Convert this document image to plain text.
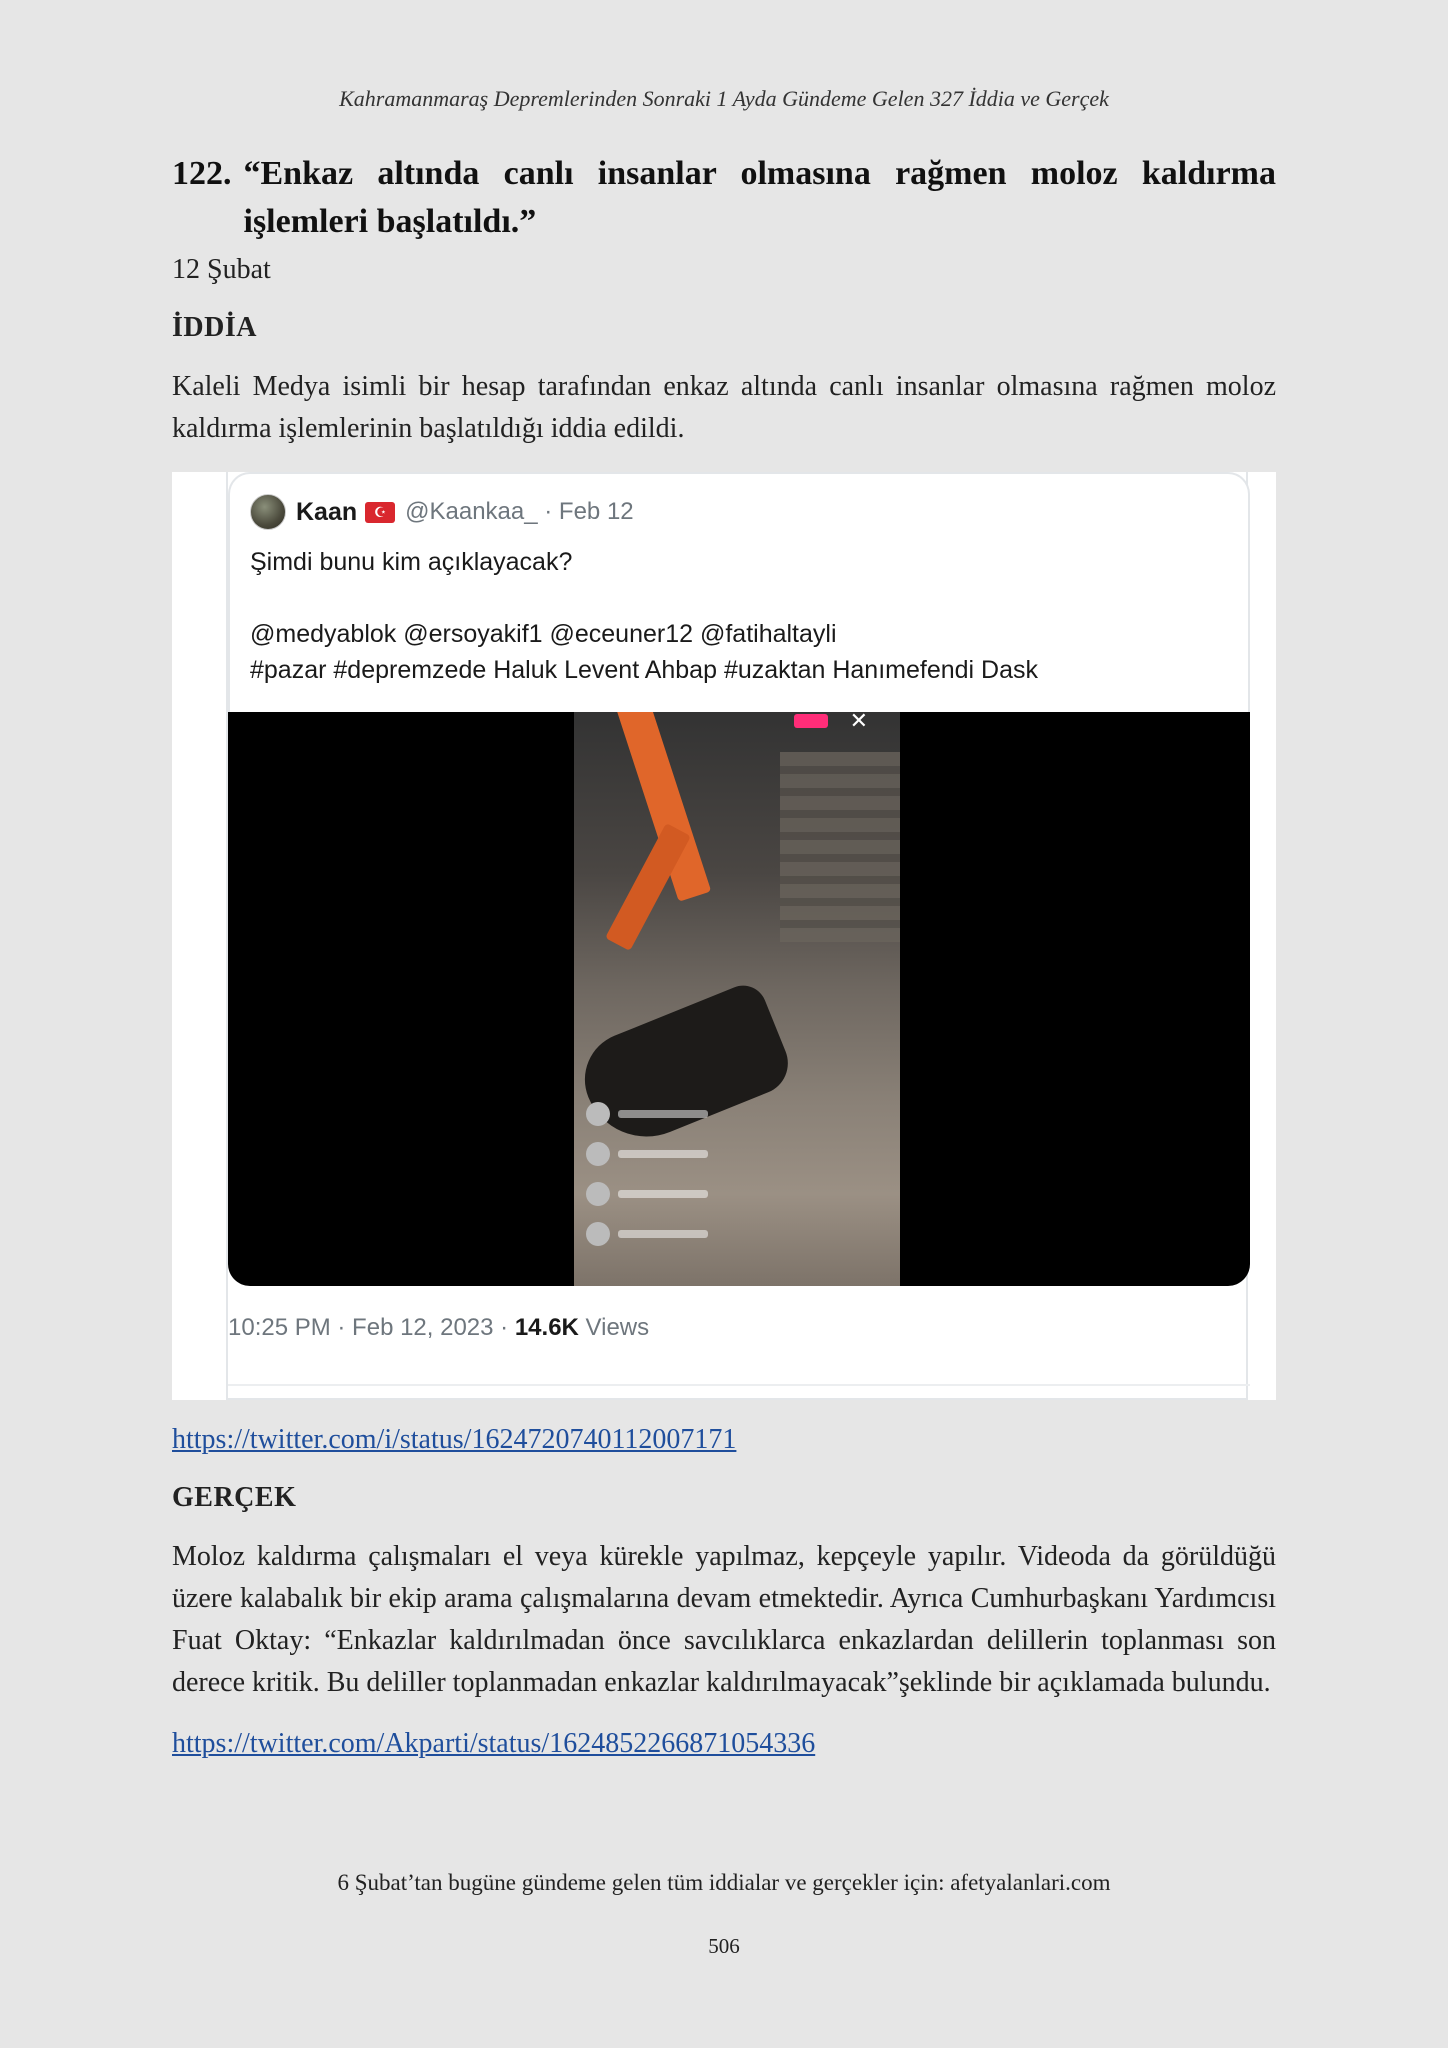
Kahramanmaraş Depremlerinden Sonraki 1 Ayda Gündeme Gelen 327 İddia ve Gerçek
122. “Enkaz altında canlı insanlar olmasına rağmen moloz kaldırma işlemleri başlatıldı.”
12 Şubat
İDDİA

Kaleli Medya isimli bir hesap tarafından enkaz altında canlı insanlar olmasına rağmen moloz kaldırma işlemlerinin başlatıldığı iddia edildi.

Kaan	☪ @Kaankaa_ · Feb 12
Şimdi bunu kim açıklayacak?
@medyablok @ersoyakif1 @eceuner12 @fatihaltayli
#pazar #depremzede Haluk Levent Ahbap #uzaktan Hanımefendi Dask
✕
10:25 PM · Feb 12, 2023 · 14.6K Views
https://twitter.com/i/status/1624720740112007171
GERÇEK

Moloz kaldırma çalışmaları el veya kürekle yapılmaz, kepçeyle yapılır. Videoda da görüldüğü üzere kalabalık bir ekip arama çalışmalarına devam etmektedir. Ayrıca Cumhurbaşkanı Yardımcısı Fuat Oktay: “Enkazlar kaldırılmadan önce savcılıklarca enkazlardan delillerin toplanması son derece kritik. Bu deliller toplanmadan enkazlar kaldırılmayacak”şeklinde bir açıklamada bulundu.

https://twitter.com/Akparti/status/1624852266871054336
6 Şubat’tan bugüne gündeme gelen tüm iddialar ve gerçekler için: afetyalanlari.com
506
